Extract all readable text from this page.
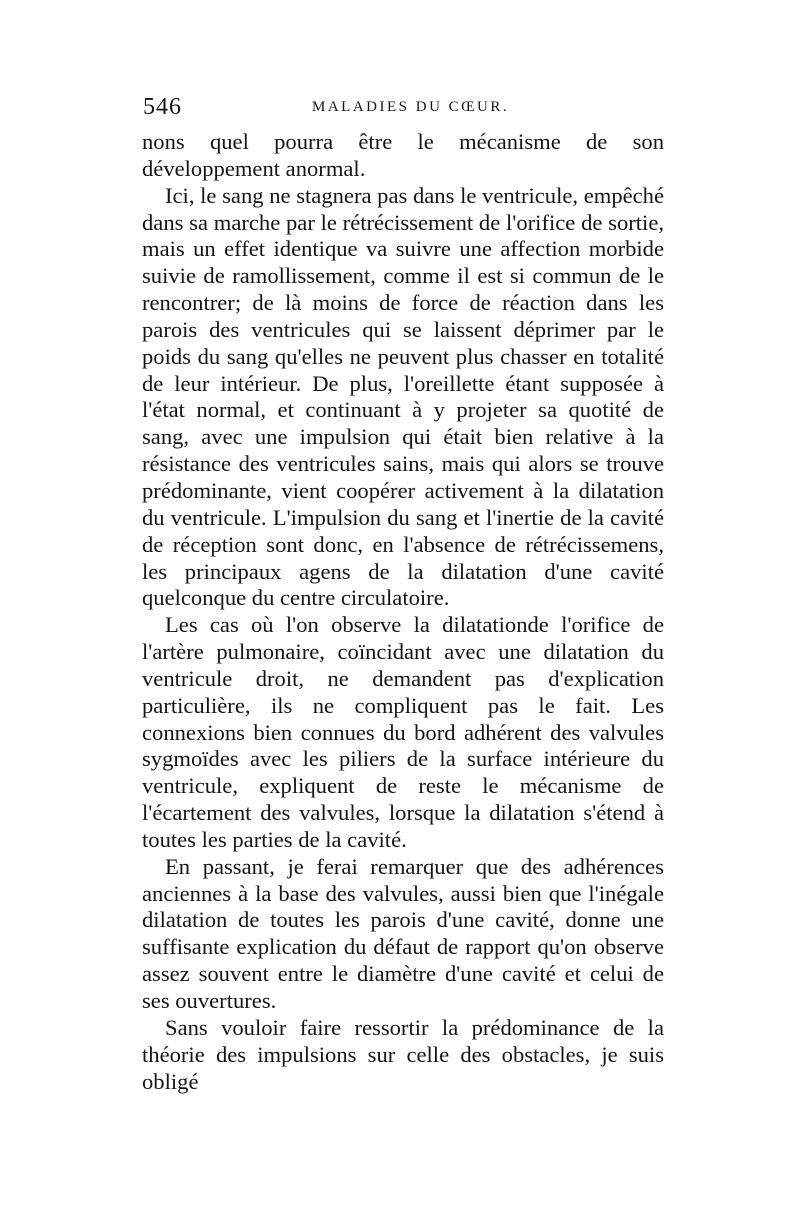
546	MALADIES DU CŒUR.

nons quel pourra être le mécanisme de son développement anormal.

Ici, le sang ne stagnera pas dans le ventricule, empêché dans sa marche par le rétrécissement de l'orifice de sortie, mais un effet identique va suivre une affection morbide suivie de ramollissement, comme il est si commun de le rencontrer; de là moins de force de réaction dans les parois des ventricules qui se laissent déprimer par le poids du sang qu'elles ne peuvent plus chasser en totalité de leur intérieur. De plus, l'oreillette étant supposée à l'état normal, et continuant à y projeter sa quotité de sang, avec une impulsion qui était bien relative à la résistance des ventricules sains, mais qui alors se trouve prédominante, vient coopérer activement à la dilatation du ventricule. L'impulsion du sang et l'inertie de la cavité de réception sont donc, en l'absence de rétrécissemens, les principaux agens de la dilatation d'une cavité quelconque du centre circulatoire.

Les cas où l'on observe la dilatationde l'orifice de l'artère pulmonaire, coïncidant avec une dilatation du ventricule droit, ne demandent pas d'explication particulière, ils ne compliquent pas le fait. Les connexions bien connues du bord adhérent des valvules sygmoïdes avec les piliers de la surface intérieure du ventricule, expliquent de reste le mécanisme de l'écartement des valvules, lorsque la dilatation s'étend à toutes les parties de la cavité.

En passant, je ferai remarquer que des adhérences anciennes à la base des valvules, aussi bien que l'inégale dilatation de toutes les parois d'une cavité, donne une suffisante explication du défaut de rapport qu'on observe assez souvent entre le diamètre d'une cavité et celui de ses ouvertures.

Sans vouloir faire ressortir la prédominance de la théorie des impulsions sur celle des obstacles, je suis obligé
